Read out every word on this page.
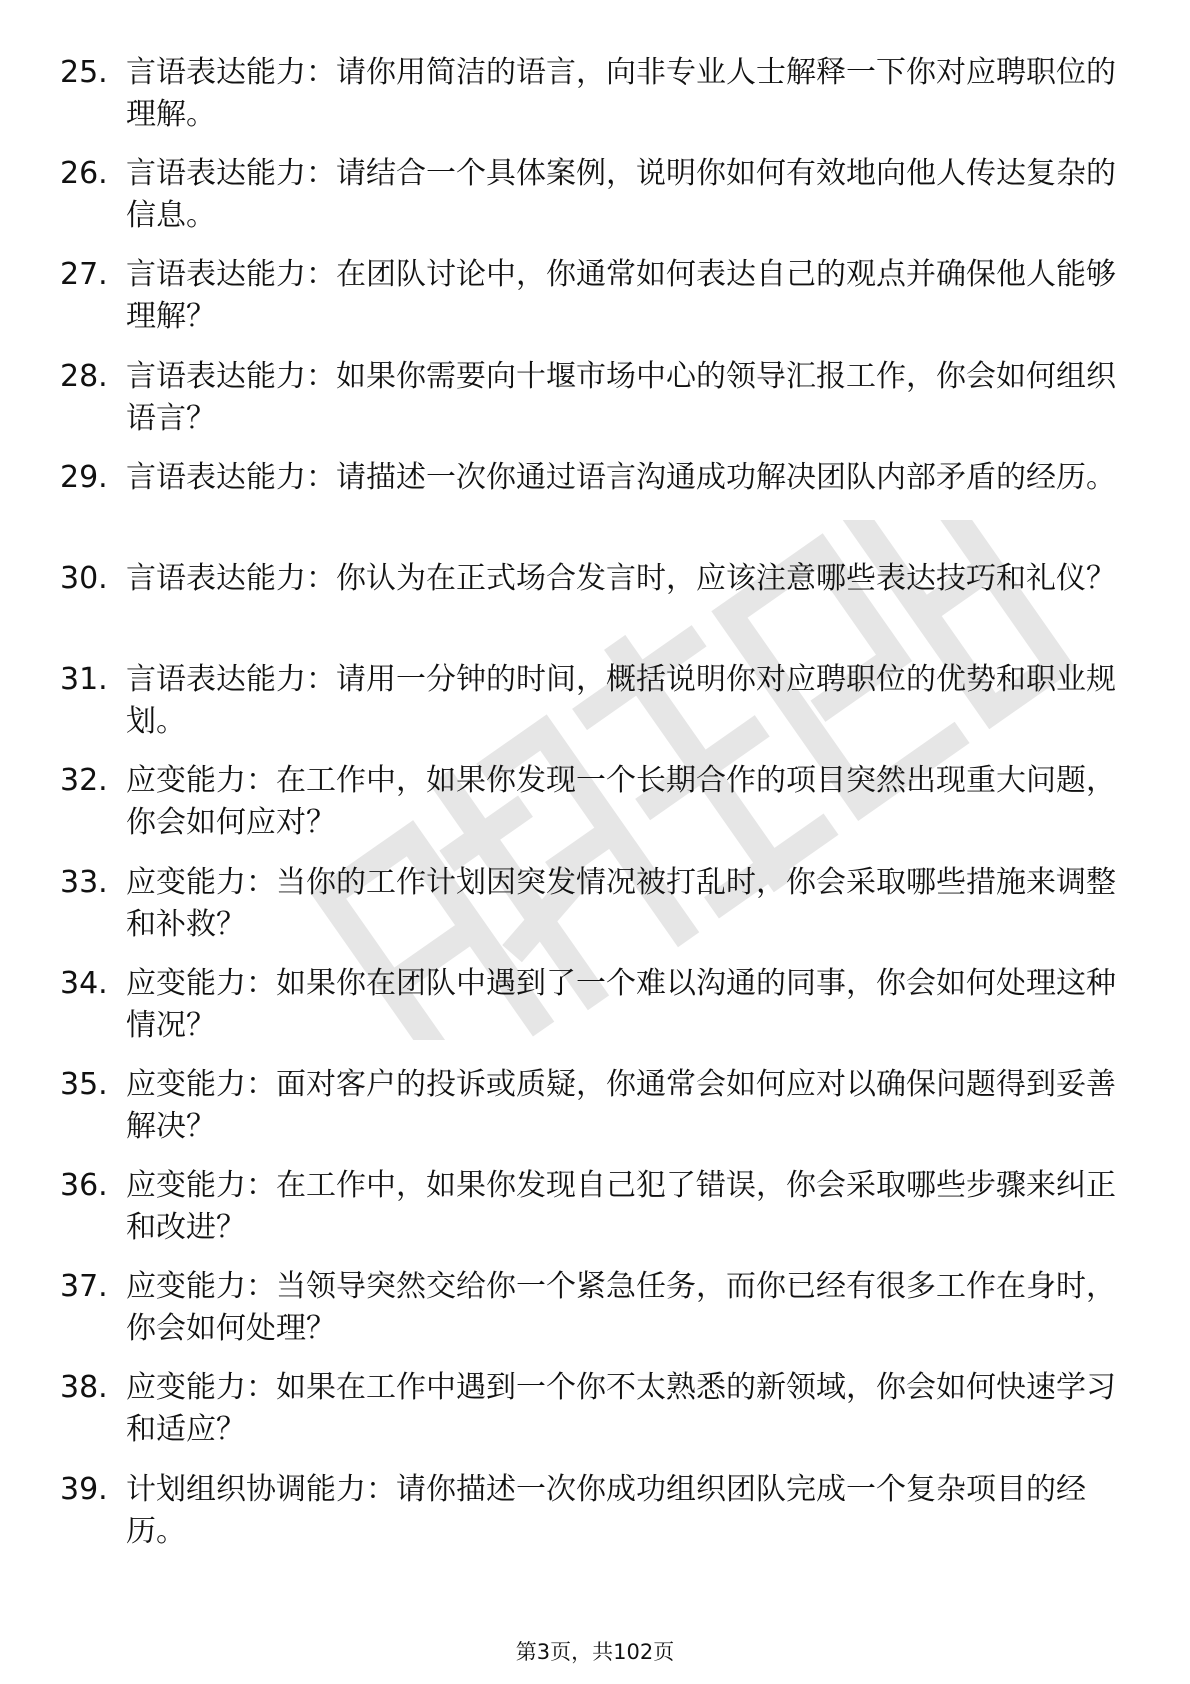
25. 言语表达能力：请你用简洁的语言，向非专业人士解释一下你对应聘职位的理解。
26. 言语表达能力：请结合一个具体案例，说明你如何有效地向他人传达复杂的信息。
27. 言语表达能力：在团队讨论中，你通常如何表达自己的观点并确保他人能够理解？
28. 言语表达能力：如果你需要向十堰市场中心的领导汇报工作，你会如何组织语言？
29. 言语表达能力：请描述一次你通过语言沟通成功解决团队内部矛盾的经历。
30. 言语表达能力：你认为在正式场合发言时，应该注意哪些表达技巧和礼仪？
31. 言语表达能力：请用一分钟的时间，概括说明你对应聘职位的优势和职业规划。
32. 应变能力：在工作中，如果你发现一个长期合作的项目突然出现重大问题，你会如何应对？
33. 应变能力：当你的工作计划因突发情况被打乱时，你会采取哪些措施来调整和补救？
34. 应变能力：如果你在团队中遇到了一个难以沟通的同事，你会如何处理这种情况？
35. 应变能力：面对客户的投诉或质疑，你通常会如何应对以确保问题得到妥善解决？
36. 应变能力：在工作中，如果你发现自己犯了错误，你会采取哪些步骤来纠正和改进？
37. 应变能力：当领导突然交给你一个紧急任务，而你已经有很多工作在身时，你会如何处理？
38. 应变能力：如果在工作中遇到一个你不太熟悉的新领域，你会如何快速学习和适应？
39. 计划组织协调能力：请你描述一次你成功组织团队完成一个复杂项目的经历。
第3页，共102页
